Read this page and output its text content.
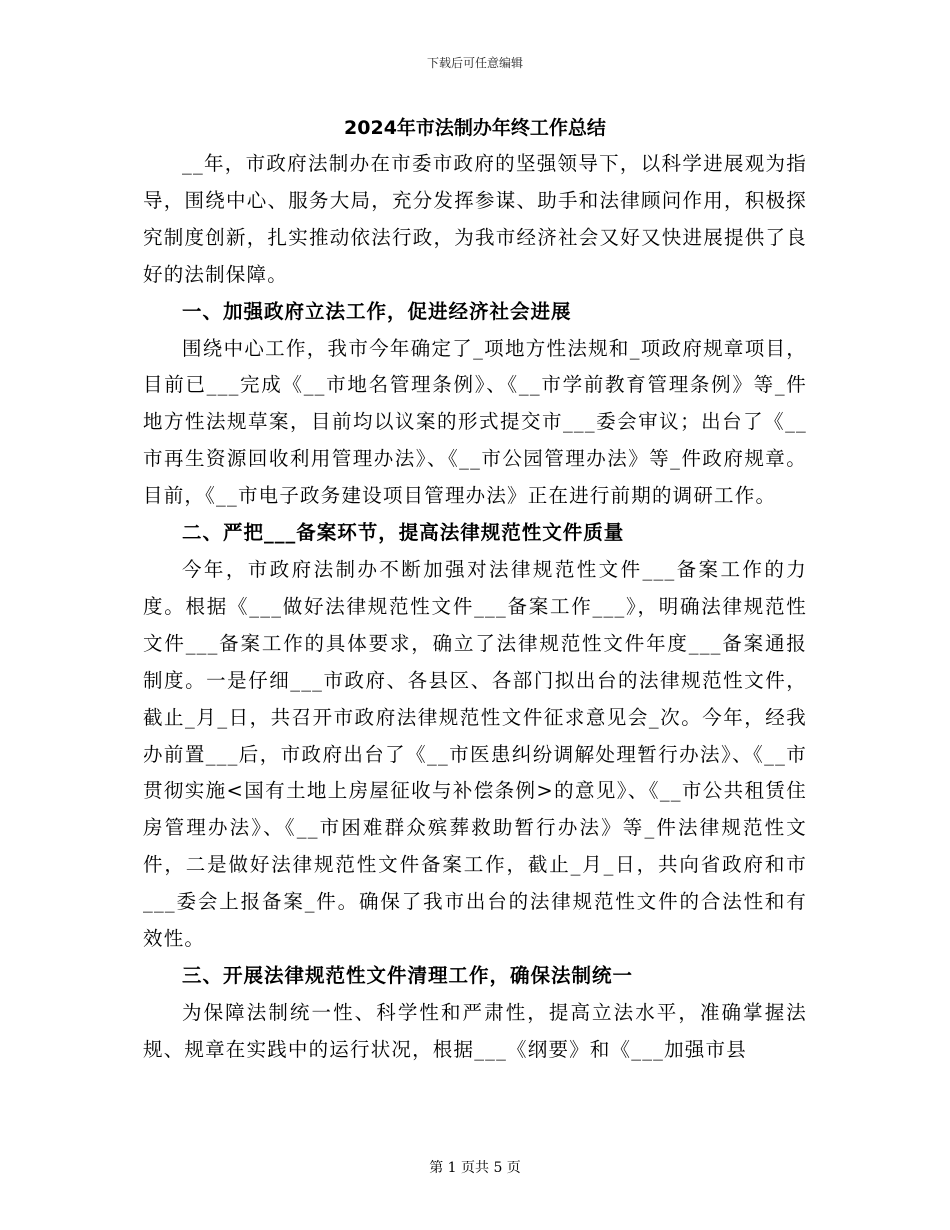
下载后可任意编辑
2024年市法制办年终工作总结

__年，市政府法制办在市委市政府的坚强领导下，以科学进展观为指导，围绕中心、服务大局，充分发挥参谋、助手和法律顾问作用，积极探究制度创新，扎实推动依法行政，为我市经济社会又好又快进展提供了良好的法制保障。

一、加强政府立法工作，促进经济社会进展

围绕中心工作，我市今年确定了_项地方性法规和_项政府规章项目，目前已___完成《__市地名管理条例》、《__市学前教育管理条例》等_件地方性法规草案，目前均以议案的形式提交市___委会审议；出台了《__市再生资源回收利用管理办法》、《__市公园管理办法》等_件政府规章。目前，《__市电子政务建设项目管理办法》正在进行前期的调研工作。

二、严把___备案环节，提高法律规范性文件质量

今年，市政府法制办不断加强对法律规范性文件___备案工作的力度。根据《___做好法律规范性文件___备案工作___》，明确法律规范性文件___备案工作的具体要求，确立了法律规范性文件年度___备案通报制度。一是仔细___市政府、各县区、各部门拟出台的法律规范性文件，截止_月_日，共召开市政府法律规范性文件征求意见会_次。今年，经我办前置___后，市政府出台了《__市医患纠纷调解处理暂行办法》、《__市贯彻实施<国有土地上房屋征收与补偿条例>的意见》、《__市公共租赁住房管理办法》、《__市困难群众殡葬救助暂行办法》等_件法律规范性文件，二是做好法律规范性文件备案工作，截止_月_日，共向省政府和市___委会上报备案_件。确保了我市出台的法律规范性文件的合法性和有效性。

三、开展法律规范性文件清理工作，确保法制统一

为保障法制统一性、科学性和严肃性，提高立法水平，准确掌握法规、规章在实践中的运行状况，根据___《纲要》和《___加强市县

第 1 页共 5 页
